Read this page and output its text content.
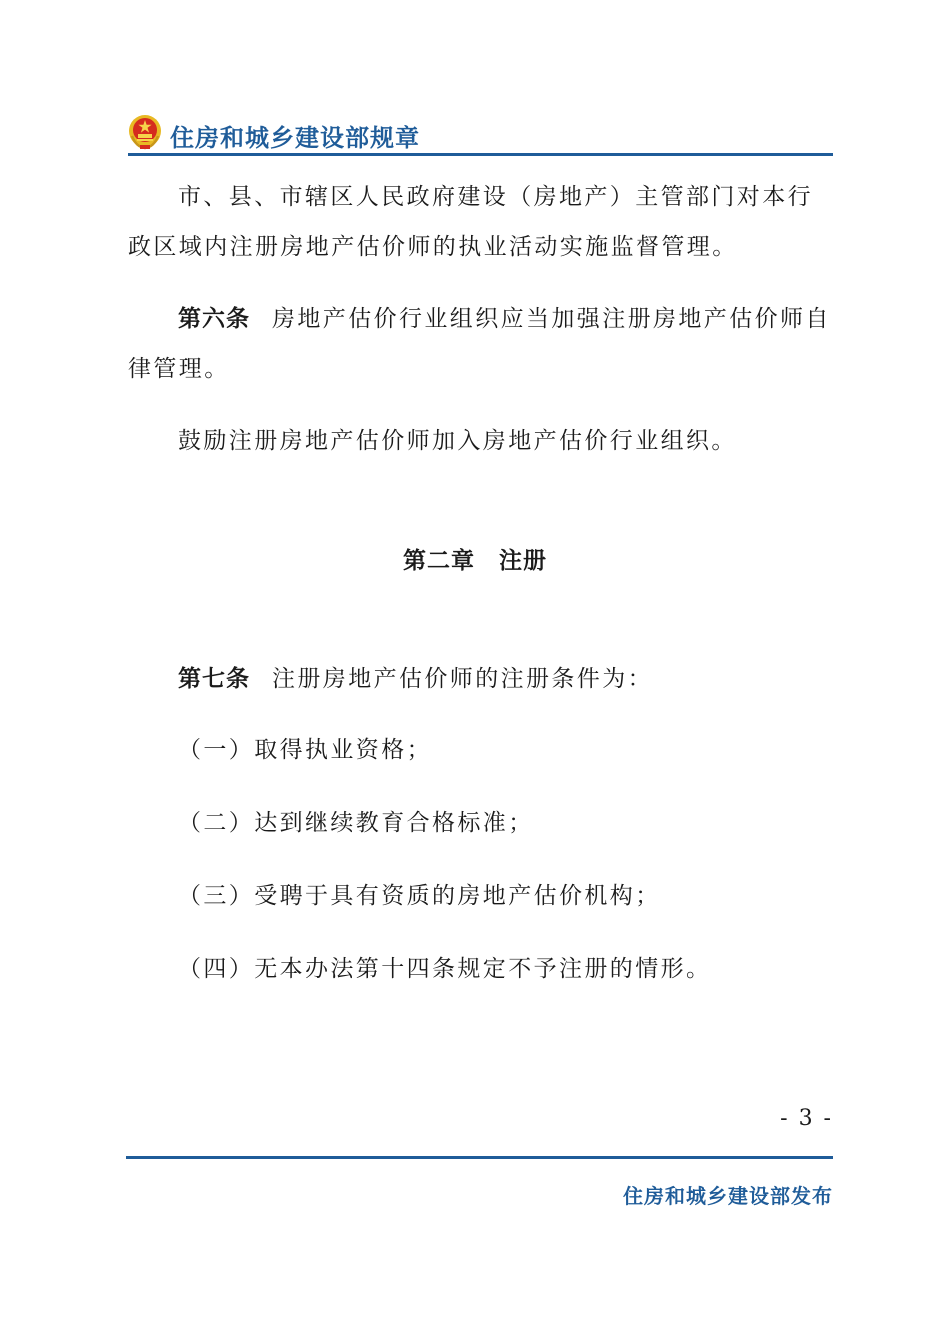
住房和城乡建设部规章

市、县、市辖区人民政府建设（房地产）主管部门对本行政区域内注册房地产估价师的执业活动实施监督管理。

第六条 房地产估价行业组织应当加强注册房地产估价师自律管理。

鼓励注册房地产估价师加入房地产估价行业组织。

第二章 注册

第七条 注册房地产估价师的注册条件为：

（一）取得执业资格；

（二）达到继续教育合格标准；

（三）受聘于具有资质的房地产估价机构；

（四）无本办法第十四条规定不予注册的情形。

- 3 -
住房和城乡建设部发布
